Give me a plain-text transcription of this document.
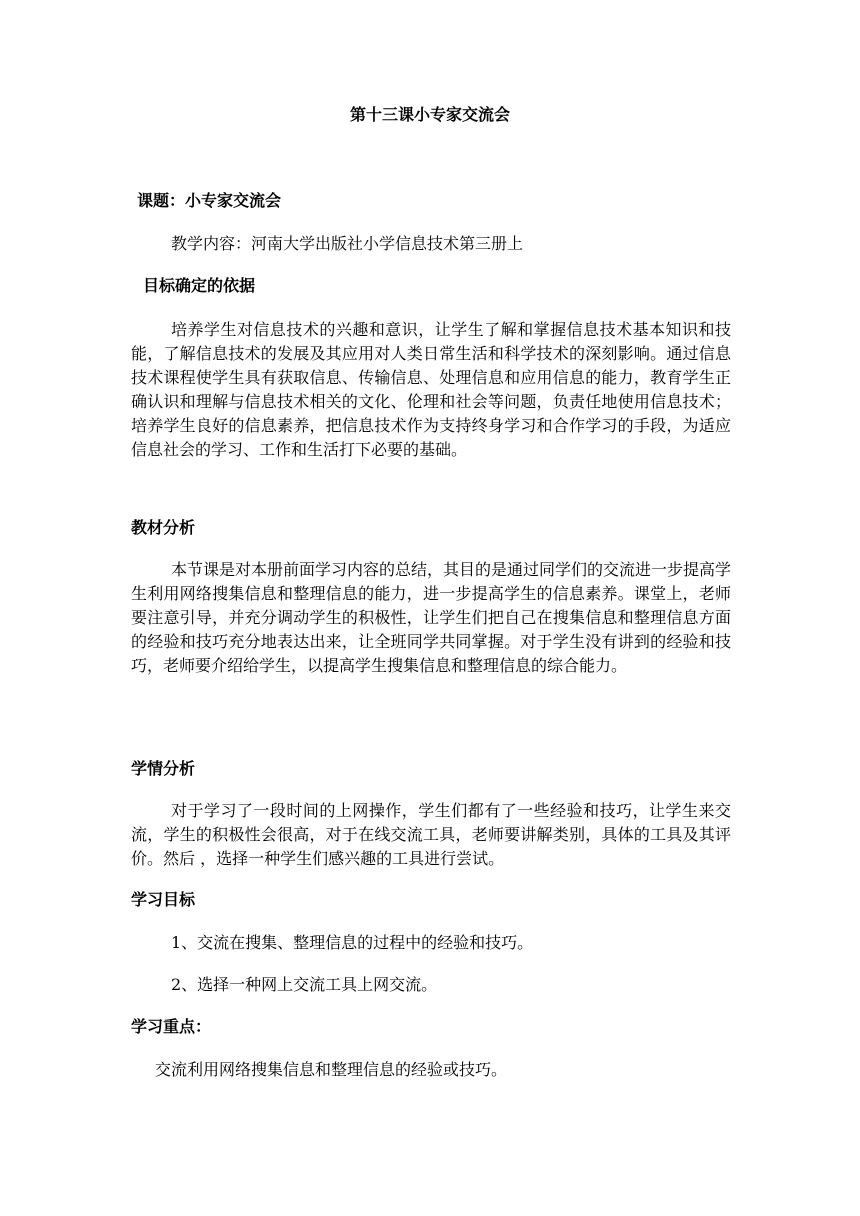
第十三课小专家交流会
课题：小专家交流会
教学内容：河南大学出版社小学信息技术第三册上
目标确定的依据
培养学生对信息技术的兴趣和意识，让学生了解和掌握信息技术基本知识和技能，了解信息技术的发展及其应用对人类日常生活和科学技术的深刻影响。通过信息技术课程使学生具有获取信息、传输信息、处理信息和应用信息的能力，教育学生正确认识和理解与信息技术相关的文化、伦理和社会等问题，负责任地使用信息技术；培养学生良好的信息素养，把信息技术作为支持终身学习和合作学习的手段，为适应信息社会的学习、工作和生活打下必要的基础。
教材分析
本节课是对本册前面学习内容的总结，其目的是通过同学们的交流进一步提高学生利用网络搜集信息和整理信息的能力，进一步提高学生的信息素养。课堂上，老师要注意引导，并充分调动学生的积极性，让学生们把自己在搜集信息和整理信息方面的经验和技巧充分地表达出来，让全班同学共同掌握。对于学生没有讲到的经验和技巧，老师要介绍给学生，以提高学生搜集信息和整理信息的综合能力。
学情分析
对于学习了一段时间的上网操作，学生们都有了一些经验和技巧，让学生来交流，学生的积极性会很高，对于在线交流工具，老师要讲解类别，具体的工具及其评价。然后 ，选择一种学生们感兴趣的工具进行尝试。
学习目标
1、交流在搜集、整理信息的过程中的经验和技巧。
2、选择一种网上交流工具上网交流。
学习重点：
交流利用网络搜集信息和整理信息的经验或技巧。
